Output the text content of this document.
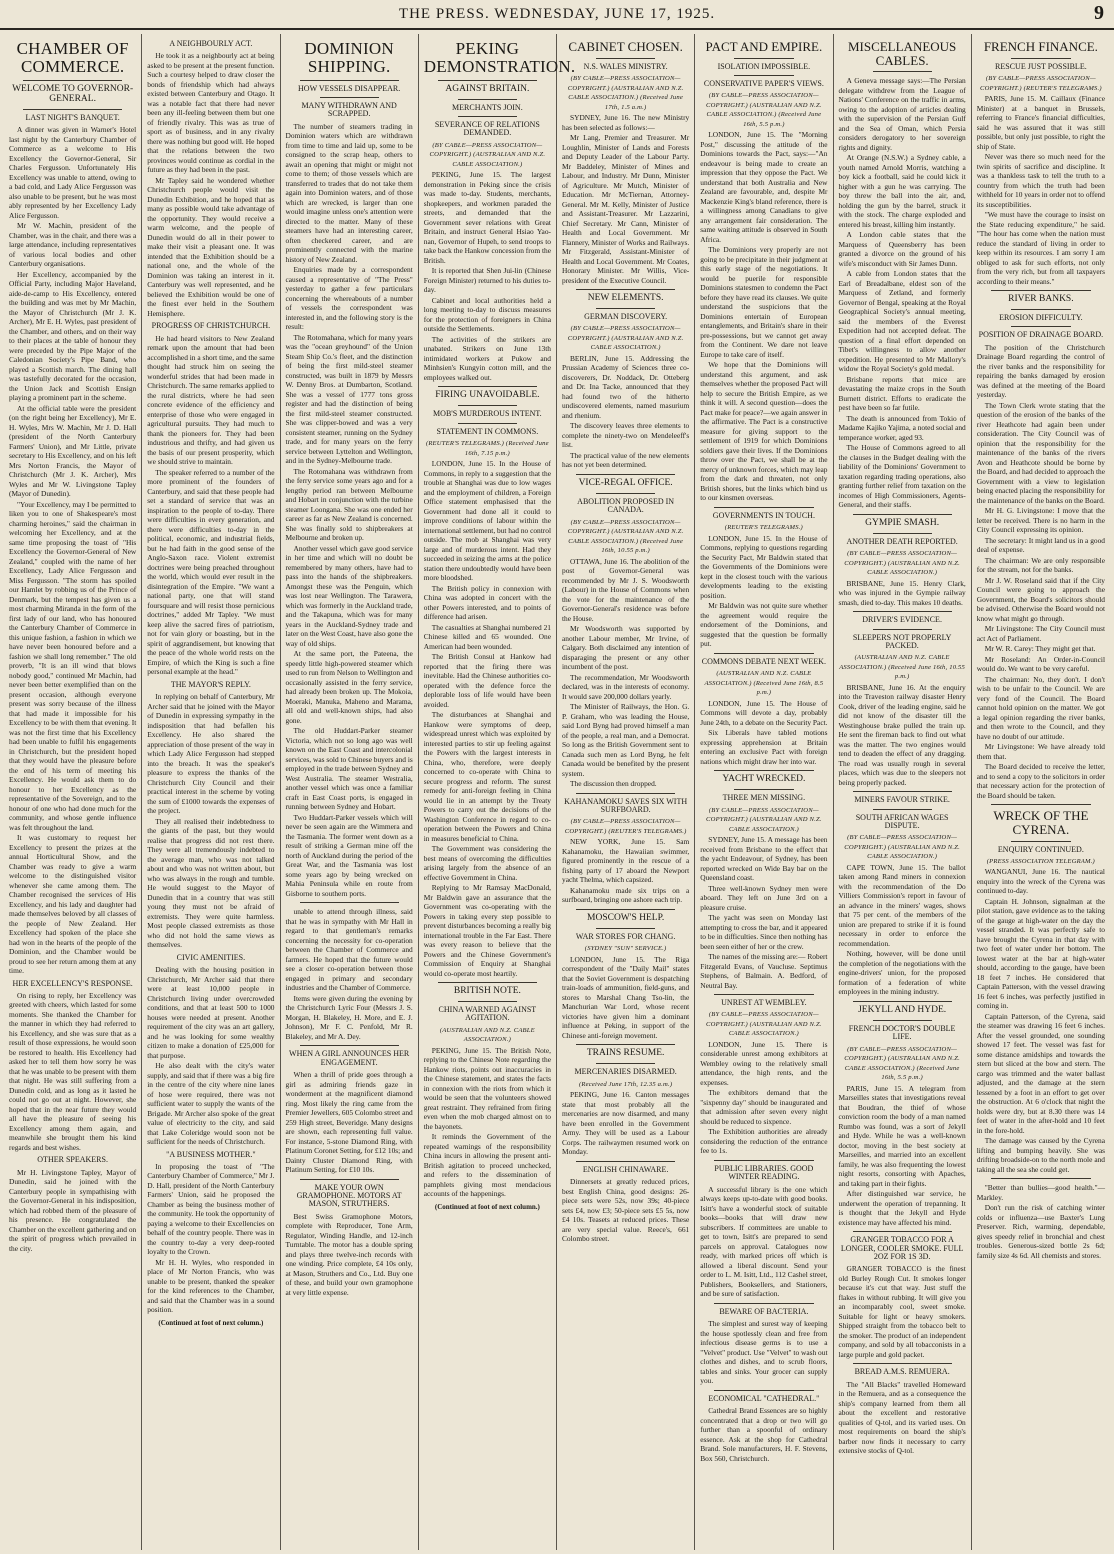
THE PRESS. WEDNESDAY, JUNE 17, 1925.	9
CHAMBER OF COMMERCE.
WELCOME TO GOVERNOR-GENERAL.
LAST NIGHT'S BANQUET.

A dinner was given in Warner's Hotel last night by the Canterbury Chamber of Commerce as a welcome to His Excellency the Governor-General, Sir Charles Fergusson. Unfortunately His Excellency was unable to attend, owing to a bad cold, and Lady Alice Fergusson was also unable to be present, but he was most ably represented by her Excellency Lady Alice Fergusson.

Mr W. Machin, president of the Chamber, was in the chair, and there was a large attendance, including representatives of various local bodies and other Canterbury organisations.

Her Excellency, accompanied by the Official Party, including Major Haveland, aide-de-camp to His Excellency, entered the building and was met by Mr Machin, the Mayor of Christchurch (Mr J. K. Archer), Mr E. H. Wyles, past president of the Chamber, and others, and on their way to their places at the table of honour they were preceded by the Pipe Major of the Caledonian Society's Pipe Band, who played a Scottish march. The dining hall was tastefully decorated for the occasion, the Union Jack and Scottish Ensign playing a prominent part in the scheme.

At the official table were the president (on the right being her Excellency), Mr E. H. Wyles, Mrs W. Machin, Mr J. D. Hall (president of the North Canterbury Farmers' Union), and Mr Little, private secretary to His Excellency, and on his left Mrs Norton Francis, the Mayor of Christchurch (Mr J. K. Archer), Mrs Wyles and Mr W. Livingstone Tapley (Mayor of Dunedin).

"Your Excellency, may I be permitted to liken you to one of Shakespeare's most charming heroines," said the chairman in welcoming her Excellency, and at the same time proposing the toast of "His Excellency the Governor-General of New Zealand," coupled with the name of her Excellency, Lady Alice Fergusson and Miss Fergusson. "The storm has spoiled our Hamlet by robbing us of the Prince of Denmark, but the tempest has given us a most charming Miranda in the form of the first lady of our land, who has honoured the Canterbury Chamber of Commerce in this unique fashion, a fashion in which we have never been honoured before and a fashion we shall long remember." The old proverb, "It is an ill wind that blows nobody good," continued Mr Machin, had never been better exemplified than on the present occasion, although everyone present was sorry because of the illness that had made it impossible for his Excellency to be with them that evening. It was not the first time that his Excellency had been unable to fulfil his engagements in Christchurch, but the president hoped that they would have the pleasure before the end of his term of meeting his Excellency. He would ask them to do honour to her Excellency as the representative of the Sovereign, and to the honour of one who had done much for the community, and whose gentle influence was felt throughout the land.

It was customary to request her Excellency to present the prizes at the annual Horticultural Show, and the Chamber was ready to give a warm welcome to the distinguished visitor whenever she came among them. The Chamber recognised the services of His Excellency, and his lady and daughter had made themselves beloved by all classes of the people of New Zealand. Her Excellency had spoken of the place she had won in the hearts of the people of the Dominion, and the Chamber would be proud to see her return among them at any time.

HER EXCELLENCY'S RESPONSE.

On rising to reply, her Excellency was greeted with cheers, which lasted for some moments. She thanked the Chamber for the manner in which they had referred to his Excellency, and she was sure that as a result of those expressions, he would soon be restored to health. His Excellency had asked her to tell them how sorry he was that he was unable to be present with them that night. He was still suffering from a Dunedin cold, and as long as it lasted he could not go out at night. However, she hoped that in the near future they would all have the pleasure of seeing his Excellency among them again, and meanwhile she brought them his kind regards and best wishes.

OTHER SPEAKERS.

Mr H. Livingstone Tapley, Mayor of Dunedin, said he joined with the Canterbury people in sympathising with the Governor-General in his indisposition, which had robbed them of the pleasure of his presence. He congratulated the Chamber on the excellent gathering and on the spirit of progress which prevailed in the city.

A NEIGHBOURLY ACT.

He took it as a neighbourly act at being asked to be present at the present function. Such a courtesy helped to draw closer the bonds of friendship which had always existed between Canterbury and Otago. It was a notable fact that there had never been any ill-feeling between them but one of friendly rivalry. This was as true of sport as of business, and in any rivalry there was nothing but good will. He hoped that the relations between the two provinces would continue as cordial in the future as they had been in the past.

Mr Tapley said he wondered whether Christchurch people would visit the Dunedin Exhibition, and he hoped that as many as possible would take advantage of the opportunity. They would receive a warm welcome, and the people of Dunedin would do all in their power to make their visit a pleasant one. It was intended that the Exhibition should be a national one, and the whole of the Dominion was taking an interest in it. Canterbury was well represented, and he believed the Exhibition would be one of the finest ever held in the Southern Hemisphere.

PROGRESS OF CHRISTCHURCH.

He had heard visitors to New Zealand remark upon the amount that had been accomplished in a short time, and the same thought had struck him on seeing the wonderful strides that had been made in Christchurch. The same remarks applied to the rural districts, where he had seen concrete evidence of the efficiency and enterprise of those who were engaged in agricultural pursuits. They had much to thank the pioneers for. They had been industrious and thrifty, and had given us the basis of our present prosperity, which we should strive to maintain.

The speaker referred to a number of the more prominent of the founders of Canterbury, and said that these people had set a standard of service that was an inspiration to the people of to-day. There were difficulties in every generation, and there were difficulties to-day in the political, economic, and industrial fields, but he had faith in the good sense of the Anglo-Saxon race. Violent extremist doctrines were being preached throughout the world, which would ever result in the disintegration of the Empire. "We want a national party, one that will stand foursquare and will resist those pernicious doctrines," added Mr Tapley. "We must keep alive the sacred fires of patriotism, not for vain glory or boasting, but in the spirit of aggrandisement, but knowing that the peace of the whole world rests on the Empire, of which the King is such a fine personal example at the head."

THE MAYOR'S REPLY.

In replying on behalf of Canterbury, Mr Archer said that he joined with the Mayor of Dunedin in expressing sympathy in the indisposition that had befallen his Excellency. He also shared the appreciation of those present of the way in which Lady Alice Fergusson had stepped into the breach. It was the speaker's pleasure to express the thanks of the Christchurch City Council and their practical interest in the scheme by voting the sum of £1000 towards the expenses of the project.

They all realised their indebtedness to the giants of the past, but they would realise that progress did not rest there. They were all tremendously indebted to the average man, who was not talked about and who was not written about, but who was always in the rough and tumble. He would suggest to the Mayor of Dunedin that in a country that was still young they must not be afraid of extremists. They were quite harmless. Most people classed extremists as those who did not hold the same views as themselves.

CIVIC AMENITIES.

Dealing with the housing position in Christchurch, Mr Archer said that there were at least 10,000 people in Christchurch living under overcrowded conditions, and that at least 500 to 1000 houses were needed at present. Another requirement of the city was an art gallery, and he was looking for some wealthy citizen to make a donation of £25,000 for that purpose.

He also dealt with the city's water supply, and said that if there was a big fire in the centre of the city where nine lanes of hose were required, there was not sufficient water to supply the wants of the Brigade. Mr Archer also spoke of the great value of electricity to the city, and said that Lake Coleridge would soon not be sufficient for the needs of Christchurch.

"A BUSINESS MOTHER."

In proposing the toast of "The Canterbury Chamber of Commerce," Mr J. D. Hall, president of the North Canterbury Farmers' Union, said he proposed the Chamber as being the business mother of the community. He took the opportunity of paying a welcome to their Excellencies on behalf of the country people. There was in the country to-day a very deep-rooted loyalty to the Crown.

Mr H. H. Wyles, who responded in place of Mr Norton Francis, who was unable to be present, thanked the speaker for the kind references to the Chamber, and said that the Chamber was in a sound position.

(Continued at foot of next column.)
DOMINION SHIPPING.
HOW VESSELS DISAPPEAR.
MANY WITHDRAWN AND SCRAPPED.

The number of steamers trading in Dominion waters which are withdrawn from time to time and laid up, some to be consigned to the scrap heap, others to await an opening that might or might not come to them; of those vessels which are transferred to trades that do not take them again into Dominion waters, and of those which are wrecked, is larger than one would imagine unless one's attention were directed to the matter. Many of these steamers have had an interesting career, often checkered career, and are prominently connected with the marine history of New Zealand.

Enquiries made by a correspondent caused a representative of "The Press" yesterday to gather a few particulars concerning the whereabouts of a number of vessels the correspondent was interested in, and the following story is the result:

The Rotomahana, which for many years was the "ocean greyhound" of the Union Steam Ship Co.'s fleet, and the distinction of being the first mild-steel steamer constructed, was built in 1879 by Messrs W. Denny Bros. at Dumbarton, Scotland. She was a vessel of 1777 tons gross register and had the distinction of being the first mild-steel steamer constructed. She was clipper-bowed and was a very consistent steamer, running on the Sydney trade, and for many years on the ferry service between Lyttelton and Wellington, and in the Sydney-Melbourne trade.

The Rotomahana was withdrawn from the ferry service some years ago and for a lengthy period ran between Melbourne and Hobart in conjunction with the turbine steamer Loongana. She was one ended her career as far as New Zealand is concerned. She was finally sold to shipbreakers at Melbourne and broken up.

Another vessel which gave good service in her time and which will no doubt be remembered by many others, have had to pass into the hands of the shipbreakers. Amongst these was the Penguin, which was lost near Wellington. The Tarawera, which was formerly in the Auckland trade, and the Takapuna, which was for many years in the Auckland-Sydney trade and later on the West Coast, have also gone the way of old ships.

At the same port, the Pateena, the speedy little high-powered steamer which used to run from Nelson to Wellington and occasionally assisted in the ferry service, had already been broken up. The Mokoia, Moeraki, Manuka, Maheno and Marama, all old and well-known ships, had also gone.

The old Huddart-Parker steamer Victoria, which not so long ago was well known on the East Coast and intercolonial services, was sold to Chinese buyers and is employed in the trade between Sydney and West Australia. The steamer Westralia, another vessel which was once a familiar craft in East Coast ports, is engaged in running between Sydney and Hobart.

Two Huddart-Parker vessels which will never be seen again are the Wimmera and the Tasmania. The former went down as a result of striking a German mine off the north of Auckland during the period of the Great War, and the Tasmania was lost some years ago by being wrecked on Mahia Peninsula while en route from Gisborne to southern ports.

unable to attend through illness, said that he was in sympathy with Mr Hall in regard to that gentleman's remarks concerning the necessity for co-operation between the Chamber of Commerce and farmers. He hoped that the future would see a closer co-operation between those engaged in primary and secondary industries and the Chamber of Commerce.

Items were given during the evening by the Christchurch Lyric Four (Messrs J. S. Morgan, H. Blakeley, H. More, and E. J. Johnson), Mr F. C. Penfold, Mr R. Blakeley, and Mr A. Dey.

WHEN A GIRL ANNOUNCES HER ENGAGEMENT.

When a thrill of pride goes through a girl as admiring friends gaze in wonderment at the magnificent diamond ring. Most likely the ring came from the Premier Jewellers, 605 Colombo street and 259 High street, Beveridge. Many designs are shown, each representing full value. For instance, 5-stone Diamond Ring, with Platinum Coronet Setting, for £12 10s; and Dainty Cluster Diamond Ring, with Platinum Setting, for £10 10s.

MAKE YOUR OWN GRAMOPHONE. MOTORS AT MASON, STRUTHERS.

Best Swiss Gramophone Motors, complete with Reproducer, Tone Arm, Regulator, Winding Handle, and 12-inch Turntable. The motor has a double spring and plays three twelve-inch records with one winding. Price complete, £4 10s only, at Mason, Struthers and Co., Ltd. Buy one of these, and build your own gramophone at very little expense.

PEKING DEMONSTRATION.
AGAINST BRITAIN.
MERCHANTS JOIN.
SEVERANCE OF RELATIONS DEMANDED.
(BY CABLE—PRESS ASSOCIATION—COPYRIGHT.) (AUSTRALIAN AND N.Z. CABLE ASSOCIATION.)

PEKING, June 15. The largest demonstration in Peking since the crisis was made to-day. Students, merchants, shopkeepers, and workmen paraded the streets, and demanded that the Government sever relations with Great Britain, and instruct General Hsiao Yao-nan, Governor of Hupeh, to send troops to take back the Hankow concession from the British.

It is reported that Shen Jui-lin (Chinese Foreign Minister) returned to his duties to-day.

Cabinet and local authorities held a long meeting to-day to discuss measures for the protection of foreigners in China outside the Settlements.

The activities of the strikers are unabated. Strikers on June 13th intimidated workers at Pukow and Minhsien's Kungyin cotton mill, and the employees walked out.

FIRING UNAVOIDABLE.
MOB'S MURDEROUS INTENT.
STATEMENT IN COMMONS.
(REUTER'S TELEGRAMS.) (Received June 16th, 7.15 p.m.)

LONDON, June 15. In the House of Commons, in reply to a suggestion that the trouble at Shanghai was due to low wages and the employment of children, a Foreign Office statement emphasised that the Government had done all it could to improve conditions of labour within the international settlement, but had no control outside. The mob at Shanghai was very large and of murderous intent. Had they succeeded in seizing the arms at the police station there undoubtedly would have been more bloodshed.

The British policy in connexion with China was adopted in concert with the other Powers interested, and to points of difference had arisen.

The casualties at Shanghai numbered 21 Chinese killed and 65 wounded. One American had been wounded.

The British Consul at Hankow had reported that the firing there was inevitable. Had the Chinese authorities co-operated with the defence force the deplorable loss of life would have been avoided.

The disturbances at Shanghai and Hankow were symptoms of deep, widespread unrest which was exploited by interested parties to stir up feeling against the Powers with the largest interests in China, who, therefore, were deeply concerned to co-operate with China to secure progress and reform. The surest remedy for anti-foreign feeling in China would lie in an attempt by the Treaty Powers to carry out the decisions of the Washington Conference in regard to co-operation between the Powers and China in measures beneficial to China.

The Government was considering the best means of overcoming the difficulties arising largely from the absence of an effective Government in China.

Replying to Mr Ramsay MacDonald, Mr Baldwin gave an assurance that the Government was co-operating with the Powers in taking every step possible to prevent disturbances becoming a really big international trouble in the Far East. There was every reason to believe that the Powers and the Chinese Government's Commission of Enquiry at Shanghai would co-operate most heartily.

BRITISH NOTE.
CHINA WARNED AGAINST AGITATION.
(AUSTRALIAN AND N.Z. CABLE ASSOCIATION.)

PEKING, June 15. The British Note, replying to the Chinese Note regarding the Hankow riots, points out inaccuracies in the Chinese statement, and states the facts in connexion with the riots from which it would be seen that the volunteers showed great restraint. They refrained from firing even when the mob charged almost on to the bayonets.

It reminds the Government of the repeated warnings of the responsibility China incurs in allowing the present anti-British agitation to proceed unchecked, and refers to the dissemination of pamphlets giving most mendacious accounts of the happenings.

(Continued at foot of next column.)
CABINET CHOSEN.
N.S. WALES MINISTRY.
(BY CABLE—PRESS ASSOCIATION—COPYRIGHT.) (AUSTRALIAN AND N.Z. CABLE ASSOCIATION.) (Received June 17th, 1.5 a.m.)

SYDNEY, June 16. The new Ministry has been selected as follows:—

Mr Lang, Premier and Treasurer. Mr Loughlin, Minister of Lands and Forests and Deputy Leader of the Labour Party. Mr Baddeley, Minister of Mines and Labour, and Industry. Mr Dunn, Minister of Agriculture. Mr Mutch, Minister of Education. Mr McTiernan, Attorney-General. Mr M. Kelly, Minister of Justice and Assistant-Treasurer. Mr Lazzarini, Chief Secretary. Mr Cann, Minister of Health and Local Government. Mr Flannery, Minister of Works and Railways. Mr Fitzgerald, Assistant-Minister of Health and Local Government. Mr Coates, Honorary Minister. Mr Willis, Vice-president of the Executive Council.

NEW ELEMENTS.
GERMAN DISCOVERY.
(BY CABLE—PRESS ASSOCIATION—COPYRIGHT.) (AUSTRALIAN AND N.Z. CABLE ASSOCIATION.)

BERLIN, June 15. Addressing the Prussian Academy of Sciences three co-discoverers, Dr. Noddack, Dr. Otteberg and Dr. Ina Tacke, announced that they had found two of the hitherto undiscovered elements, named masurium and rhenium.

The discovery leaves three elements to complete the ninety-two on Mendeleeff's list.

The practical value of the new elements has not yet been determined.

VICE-REGAL OFFICE.
ABOLITION PROPOSED IN CANADA.
(BY CABLE—PRESS ASSOCIATION—COPYRIGHT.) (AUSTRALIAN AND N.Z. CABLE ASSOCIATION.) (Received June 16th, 10.55 p.m.)

OTTAWA, June 16. The abolition of the post of Governor-General was recommended by Mr J. S. Woodsworth (Labour) in the House of Commons when the vote for the maintenance of the Governor-General's residence was before the House.

Mr Woodsworth was supported by another Labour member, Mr Irvine, of Calgary. Both disclaimed any intention of disparaging the present or any other incumbent of the post.

The recommendation, Mr Woodsworth declared, was in the interests of economy. It would save 200,000 dollars yearly.

The Minister of Railways, the Hon. G. P. Graham, who was leading the House, said Lord Byng had proved himself a man of the people, a real man, and a Democrat. So long as the British Government sent to Canada such men as Lord Byng, he felt Canada would be benefited by the present system.

The discussion then dropped.

KAHANAMOKU SAVES SIX WITH SURFBOARD.
(BY CABLE—PRESS ASSOCIATION—COPYRIGHT.) (REUTER'S TELEGRAMS.)

NEW YORK, June 15. Sam Kahanamoku, the Hawaiian swimmer, figured prominently in the rescue of a fishing party of 17 aboard the Newport yacht Thelma, which capsized.

Kahanamoku made six trips on a surfboard, bringing one ashore each trip.

MOSCOW'S HELP.
WAR STORES FOR CHANG.
(SYDNEY "SUN" SERVICE.)

LONDON, June 15. The Riga correspondent of the "Daily Mail" states that the Soviet Government is despatching train-loads of ammunition, field-guns, and stores to Marshal Chang Tso-lin, the Manchurian War Lord, whose recent victories have given him a dominant influence at Peking, in support of the Chinese anti-foreign movement.

TRAINS RESUME.
MERCENARIES DISARMED.
(Received June 17th, 12.35 a.m.)

PEKING, June 16. Canton messages state that most probably all the mercenaries are now disarmed, and many have been enrolled in the Government Army. They will be used as a Labour Corps. The railwaymen resumed work on Monday.

ENGLISH CHINAWARE.

Dinnersets at greatly reduced prices, best English China, good designs: 26-piece sets were 52s, now 39s; 40-piece sets £4, now £3; 50-piece sets £5 5s, now £4 10s. Teasets at reduced prices. These are very special value. Reece's, 661 Colombo street.

PACT AND EMPIRE.
ISOLATION IMPOSSIBLE.
CONSERVATIVE PAPER'S VIEWS.
(BY CABLE—PRESS ASSOCIATION—COPYRIGHT.) (AUSTRALIAN AND N.Z. CABLE ASSOCIATION.) (Received June 16th, 5.5 p.m.)

LONDON, June 15. The "Morning Post," discussing the attitude of the Dominions towards the Pact, says:—"An endeavour is being made to create an impression that they oppose the Pact. We understand that both Australia and New Zealand are favourable, and, despite Mr Mackenzie King's bland reference, there is a willingness among Canadians to give any arrangement fair consideration. The same waiting attitude is observed in South Africa.

The Dominions very properly are not going to be precipitate in their judgment at this early stage of the negotiations. It would be puerile for responsible Dominions statesmen to condemn the Pact before they have read its clauses. We quite understand the suspicions that the Dominions entertain of European entanglements, and Britain's share in their pre-possessions, but we cannot get away from the Continent. We dare not leave Europe to take care of itself.

We hope that the Dominions will understand this argument, and ask themselves whether the proposed Pact will help to secure the British Empire, as we think it will. A second question—does the Pact make for peace?—we again answer in the affirmative. The Pact is a constructive measure for giving support to the settlement of 1919 for which Dominions soldiers gave their lives. If the Dominions throw over the Pact, we shall be at the mercy of unknown forces, which may leap from the dark and threaten, not only British shores, but the links which bind us to our kinsmen overseas.

GOVERNMENTS IN TOUCH.
(REUTER'S TELEGRAMS.)

LONDON, June 15. In the House of Commons, replying to questions regarding the Security Pact, Mr Baldwin stated that the Governments of the Dominions were kept in the closest touch with the various developments leading to the existing position.

Mr Baldwin was not quite sure whether the agreement would require the endorsement of the Dominions, and suggested that the question be formally put.

COMMONS DEBATE NEXT WEEK.
(AUSTRALIAN AND N.Z. CABLE ASSOCIATION.) (Received June 16th, 8.5 p.m.)

LONDON, June 15. The House of Commons will devote a day, probably June 24th, to a debate on the Security Pact.

Six Liberals have tabled motions expressing apprehension at Britain entering an exclusive Pact with foreign nations which might draw her into war.

YACHT WRECKED.
THREE MEN MISSING.
(BY CABLE—PRESS ASSOCIATION—COPYRIGHT.) (AUSTRALIAN AND N.Z. CABLE ASSOCIATION.)

SYDNEY, June 15. A message has been received from Brisbane to the effect that the yacht Endeavour, of Sydney, has been reported wrecked on Wide Bay bar on the Queensland coast.

Three well-known Sydney men were aboard. They left on June 3rd on a pleasure cruise.

The yacht was seen on Monday last attempting to cross the bar, and it appeared to be in difficulties. Since then nothing has been seen either of her or the crew.

The names of the missing are:— Robert Fitzgerald Evans, of Vaucluse. Septimus Stephens, of Balmain. A. Bedford, of Neutral Bay.

UNREST AT WEMBLEY.
(BY CABLE—PRESS ASSOCIATION—COPYRIGHT.) (AUSTRALIAN AND N.Z. CABLE ASSOCIATION.)

LONDON, June 15. There is considerable unrest among exhibitors at Wembley owing to the relatively small attendance, the high rents, and the expenses.

The exhibitors demand that the "sixpenny day" should be inaugurated and that admission after seven every night should be reduced to sixpence.

The Exhibition authorities are already considering the reduction of the entrance fee to 1s.

PUBLIC LIBRARIES. GOOD WINTER READING.

A successful library is the one which always keeps up-to-date with good books. Isitt's have a wonderful stock of suitable books—books that will draw new subscribers. If committees are unable to get to town, Isitt's are prepared to send parcels on approval. Catalogues now ready, with marked prices off which is allowed a liberal discount. Send your order to L. M. Isitt, Ltd., 112 Cashel street, Publishers, Booksellers, and Stationers, and be sure of satisfaction.

BEWARE OF BACTERIA.

The simplest and surest way of keeping the house spotlessly clean and free from infectious disease germs is to use a "Velvet" product. Use "Velvet" to wash out clothes and dishes, and to scrub floors, tables and sinks. Your grocer can supply you.

ECONOMICAL "CATHEDRAL."

Cathedral Brand Essences are so highly concentrated that a drop or two will go further than a spoonful of ordinary essence. Ask at the shop for Cathedral Brand. Sole manufacturers, H. F. Stevens, Box 560, Christchurch.

MISCELLANEOUS CABLES.

A Geneva message says:—The Persian delegate withdrew from the League of Nations' Conference on the traffic in arms, owing to the adoption of articles dealing with the supervision of the Persian Gulf and the Sea of Oman, which Persia considers derogatory to her sovereign rights and dignity.

At Orange (N.S.W.) a Sydney cable, a youth named Arnold Morris, watching a boy kick a football, said he could kick it higher with a gun he was carrying. The boy threw the ball into the air, and, holding the gun by the barrel, struck it with the stock. The charge exploded and entered his breast, killing him instantly.

A London cable states that the Marquess of Queensberry has been granted a divorce on the ground of his wife's misconduct with Sir James Dunn.

A cable from London states that the Earl of Breadalbane, eldest son of the Marquess of Zetland, and formerly Governor of Bengal, speaking at the Royal Geographical Society's annual meeting, said the members of the Everest Expedition had not accepted defeat. The question of a final effort depended on Tibet's willingness to allow another expedition. He presented to Mr Mallory's widow the Royal Society's gold medal.

Brisbane reports that mice are devastating the maize crops in the South Burnett district. Efforts to eradicate the pest have been so far futile.

The death is announced from Tokio of Madame Kajiko Yajima, a noted social and temperance worker, aged 93.

The House of Commons agreed to all the clauses in the Budget dealing with the liability of the Dominions' Government to taxation regarding trading operations, also granting further relief from taxation on the incomes of High Commissioners, Agents-General, and their staffs.

GYMPIE SMASH.
ANOTHER DEATH REPORTED.
(BY CABLE—PRESS ASSOCIATION—COPYRIGHT.) (AUSTRALIAN AND N.Z. CABLE ASSOCIATION.)

BRISBANE, June 15. Henry Clark, who was injured in the Gympie railway smash, died to-day. This makes 10 deaths.

DRIVER'S EVIDENCE.
SLEEPERS NOT PROPERLY PACKED.
(AUSTRALIAN AND N.Z. CABLE ASSOCIATION.) (Received June 16th, 10.55 p.m.)

BRISBANE, June 16. At the enquiry into the Traveston railway disaster Henry Cook, driver of the leading engine, said he did not know of the disaster till the Westinghouse brake pulled the train up. He sent the fireman back to find out what was the matter. The two engines would tend to deaden the effect of any dragging. The road was usually rough in several places, which was due to the sleepers not being properly packed.

MINERS FAVOUR STRIKE.
SOUTH AFRICAN WAGES DISPUTE.
(BY CABLE—PRESS ASSOCIATION—COPYRIGHT.) (AUSTRALIAN AND N.Z. CABLE ASSOCIATION.)

CAPE TOWN, June 15. The ballot taken among Rand miners in connexion with the recommendation of the Do Villiers Commission's report in favour of an advance in the miners' wages, shows that 75 per cent. of the members of the union are prepared to strike if it is found necessary in order to enforce the recommendation.

Nothing, however, will be done until the completion of the negotiations with the engine-drivers' union, for the proposed formation of a federation of white employees in the mining industry.

JEKYLL AND HYDE.
FRENCH DOCTOR'S DOUBLE LIFE.
(BY CABLE—PRESS ASSOCIATION—COPYRIGHT.) (AUSTRALIAN AND N.Z. CABLE ASSOCIATION.) (Received June 16th, 5.5 p.m.)

PARIS, June 15. A telegram from Marseilles states that investigations reveal that Boudran, the thief of whose conviction room the body of a man named Rumbo was found, was a sort of Jekyll and Hyde. While he was a well-known doctor, moving in the best society at Marseilles, and married into an excellent family, he was also frequenting the lowest night resorts, consorting with Apaches, and taking part in their fights.

After distinguished war service, he underwent the operation of trepanning. It is thought that the Jekyll and Hyde existence may have affected his mind.

GRANGER TOBACCO FOR A LONGER, COOLER SMOKE. FULL 2OZ FOR 1S 3D.

GRANGER TOBACCO is the finest old Burley Rough Cut. It smokes longer because it's cut that way. Just stuff the flakes in without rubbing. It will give you an incomparably cool, sweet smoke. Suitable for light or heavy smokers. Shipped straight from the tobacco belt to the smoker. The product of an independent company, and sold by all tobacconists in a large purple and gold packet.

BREAD A.M.S. REMUERA.

The "All Blacks" travelled Homeward in the Remuera, and as a consequence the ship's company learned from them all about the excellent and restorative qualities of Q-tol, and its varied uses. On most requirements on board the ship's barber now finds it necessary to carry extensive stocks of Q-tol.

FRENCH FINANCE.
RESCUE JUST POSSIBLE.
(BY CABLE—PRESS ASSOCIATION—COPYRIGHT.) (REUTER'S TELEGRAMS.)

PARIS, June 15. M. Caillaux (Finance Minister) at a banquet in Brussels, referring to France's financial difficulties, said he was assured that it was still possible, but only just possible, to right the ship of State.

Never was there so much need for the twin spirits of sacrifice and discipline. It was a thankless task to tell the truth to a country from which the truth had been withheld for 10 years in order not to offend its susceptibilities.

"We must have the courage to insist on the State reducing expenditure," he said. "The hour has come when the nation must reduce the standard of living in order to keep within its resources. I am sorry I am obliged to ask for such efforts, not only from the very rich, but from all taxpayers according to their means."

RIVER BANKS.
EROSION DIFFICULTY.
POSITION OF DRAINAGE BOARD.

The position of the Christchurch Drainage Board regarding the control of the river banks and the responsibility for repairing the banks damaged by erosion was defined at the meeting of the Board yesterday.

The Town Clerk wrote stating that the question of the erosion of the banks of the river Heathcote had again been under consideration. The City Council was of opinion that the responsibility for the maintenance of the banks of the rivers Avon and Heathcote should be borne by the Board, and had decided to approach the Government with a view to legislation being enacted placing the responsibility for the maintenance of the banks on the Board.

Mr H. G. Livingstone: I move that the letter be received. There is no harm in the City Council expressing its opinion.

The secretary: It might land us in a good deal of expense.

The chairman: We are only responsible for the stream, not for the banks.

Mr J. W. Roseland said that if the City Council were going to approach the Government, the Board's solicitors should be advised. Otherwise the Board would not know what might go through.

Mr Livingstone: The City Council must act Act of Parliament.

Mr W. R. Carey: They might get that.

Mr Roseland: An Order-in-Council would do. We want to be very careful.

The chairman: No, they don't. I don't wish to be unfair to the Council. We are very fond of the Council. The Board cannot hold opinion on the matter. We got a legal opinion regarding the river banks, and then wrote to the Council, and they have no doubt of our attitude.

Mr Livingstone: We have already told them that.

The Board decided to receive the letter, and to send a copy to the solicitors in order that necessary action for the protection of the Board should be taken.

WRECK OF THE CYRENA.
ENQUIRY CONTINUED.
(PRESS ASSOCIATION TELEGRAM.)

WANGANUI, June 16. The nautical enquiry into the wreck of the Cyrena was continued to-day.

Captain H. Johnson, signalman at the pilot station, gave evidence as to the taking of the gauge at high-water on the day the vessel stranded. It was perfectly safe to have brought the Cyrena in that day with two feet of water under her bottom. The lowest water at the bar at high-water should, according to the gauge, have been 18 feet 7 inches. He considered that Captain Patterson, with the vessel drawing 16 feet 6 inches, was perfectly justified in coming in.

Captain Patterson, of the Cyrena, said the steamer was drawing 16 feet 6 inches. After the vessel grounded, one sounding showed 17 feet. The vessel was fast for some distance amidships and towards the stern but sliced at the bow and stern. The cargo was trimmed and the water ballast adjusted, and the damage at the stern lessened by a foot in an effort to get over the obstruction. At 6 o'clock that night the holds were dry, but at 8.30 there was 14 feet of water in the after-hold and 10 feet in the fore-hold.

The damage was caused by the Cyrena lifting and bumping heavily. She was drifting broadside-on to the north mole and taking all the sea she could get.

"Better than bullies—good health."—Markley.

Don't run the risk of catching winter colds or influenza—use Baxter's Lung Preserver. Rich, warming, dependable, gives speedy relief in bronchial and chest troubles. Generous-sized bottle 2s 6d; family size 4s 6d. All chemists and stores.
